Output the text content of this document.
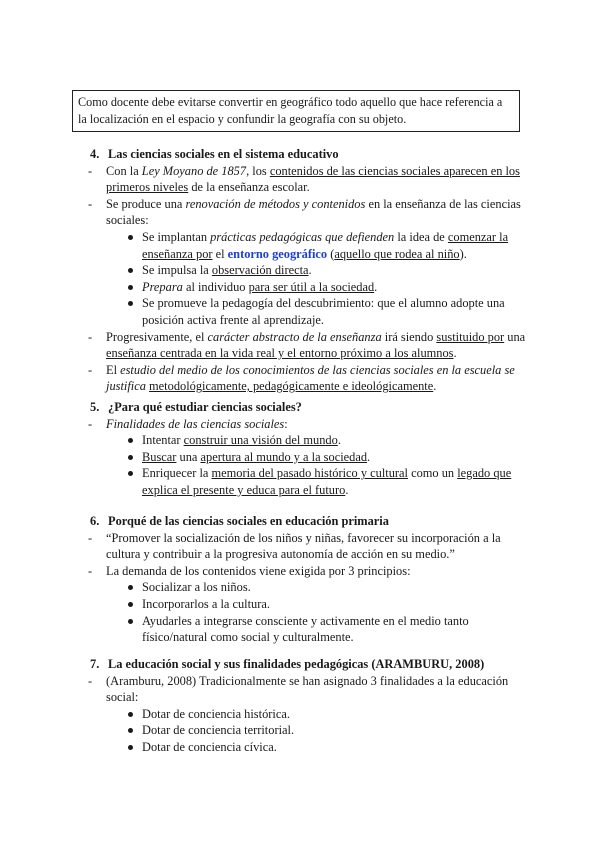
Como docente debe evitarse convertir en geográfico todo aquello que hace referencia a la localización en el espacio y confundir la geografía con su objeto.

4. Las ciencias sociales en el sistema educativo

- Con la Ley Moyano de 1857, los contenidos de las ciencias sociales aparecen en los primeros niveles de la enseñanza escolar.
- Se produce una renovación de métodos y contenidos en la enseñanza de las ciencias sociales:
Se implantan prácticas pedagógicas que defienden la idea de comenzar la enseñanza por el entorno geográfico (aquello que rodea al niño).
Se impulsa la observación directa.
Prepara al individuo para ser útil a la sociedad.
Se promueve la pedagogía del descubrimiento: que el alumno adopte una posición activa frente al aprendizaje.
- Progresivamente, el carácter abstracto de la enseñanza irá siendo sustituido por una enseñanza centrada en la vida real y el entorno próximo a los alumnos.
- El estudio del medio de los conocimientos de las ciencias sociales en la escuela se justifica metodológicamente, pedagógicamente e ideológicamente.

5. ¿Para qué estudiar ciencias sociales?

- Finalidades de las ciencias sociales:
Intentar construir una visión del mundo.
Buscar una apertura al mundo y a la sociedad.
Enriquecer la memoria del pasado histórico y cultural como un legado que explica el presente y educa para el futuro.

6. Porqué de las ciencias sociales en educación primaria

- “Promover la socialización de los niños y niñas, favorecer su incorporación a la cultura y contribuir a la progresiva autonomía de acción en su medio.”
- La demanda de los contenidos viene exigida por 3 principios:
Socializar a los niños.
Incorporarlos a la cultura.
Ayudarles a integrarse consciente y activamente en el medio tanto físico/natural como social y culturalmente.

7. La educación social y sus finalidades pedagógicas (ARAMBURU, 2008)

- (Aramburu, 2008) Tradicionalmente se han asignado 3 finalidades a la educación social:
Dotar de conciencia histórica.
Dotar de conciencia territorial.
Dotar de conciencia cívica.
